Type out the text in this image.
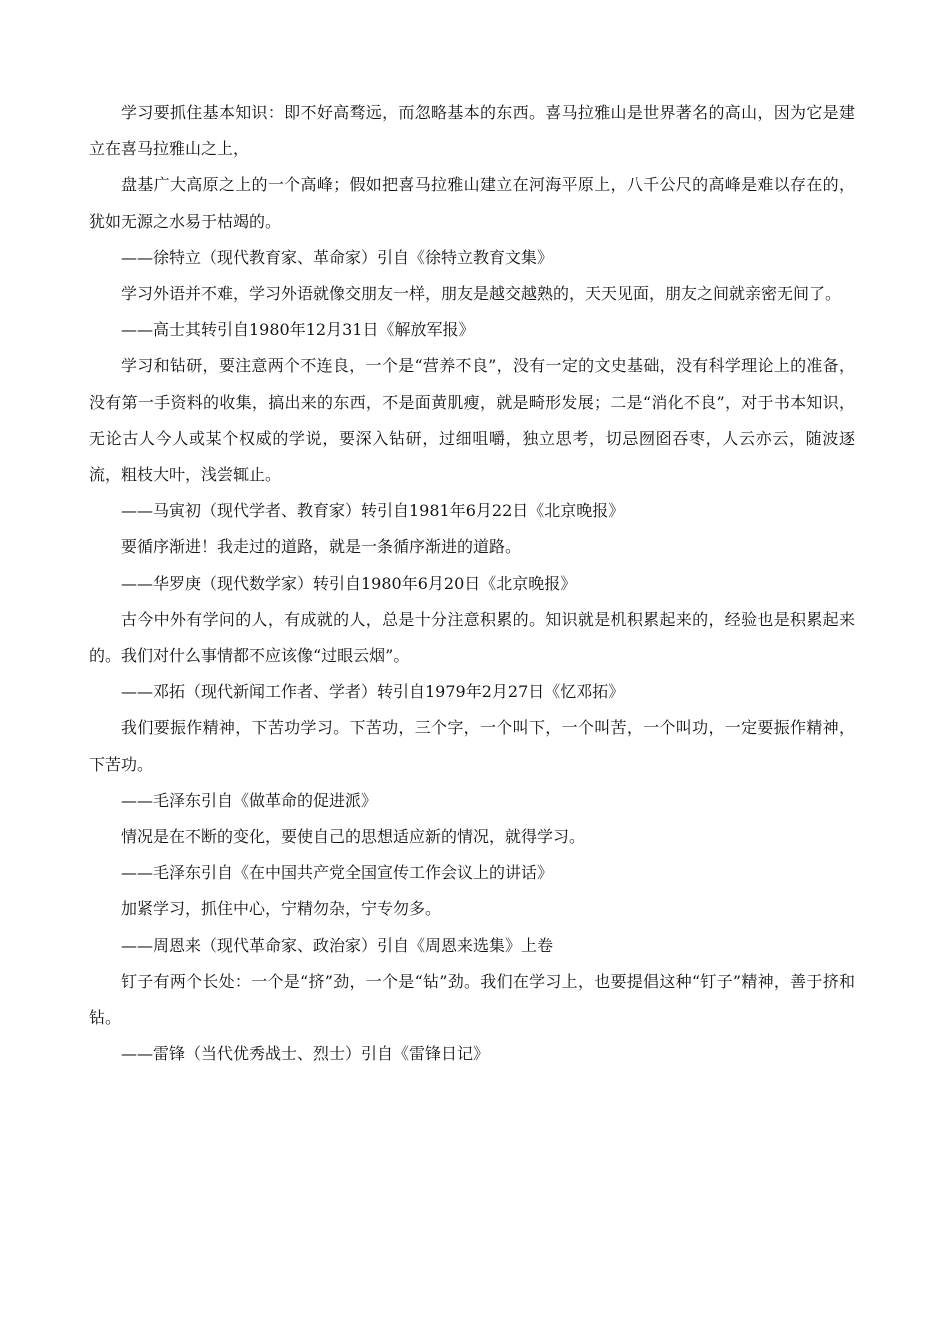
学习要抓住基本知识：即不好高骛远，而忽略基本的东西。喜马拉雅山是世界著名的高山，因为它是建立在喜马拉雅山之上，

盘基广大高原之上的一个高峰；假如把喜马拉雅山建立在河海平原上，八千公尺的高峰是难以存在的，犹如无源之水易于枯竭的。

——徐特立（现代教育家、革命家）引自《徐特立教育文集》

学习外语并不难，学习外语就像交朋友一样，朋友是越交越熟的，天天见面，朋友之间就亲密无间了。

——高士其转引自1980年12月31日《解放军报》

学习和钻研，要注意两个不连良，一个是“营养不良”，没有一定的文史基础，没有科学理论上的准备，没有第一手资料的收集，搞出来的东西，不是面黄肌瘦，就是畸形发展；二是“消化不良”，对于书本知识，无论古人今人或某个权威的学说，要深入钻研，过细咀嚼，独立思考，切忌囫囵吞枣，人云亦云，随波逐流，粗枝大叶，浅尝辄止。

——马寅初（现代学者、教育家）转引自1981年6月22日《北京晚报》

要循序渐进！我走过的道路，就是一条循序渐进的道路。

——华罗庚（现代数学家）转引自1980年6月20日《北京晚报》

古今中外有学问的人，有成就的人，总是十分注意积累的。知识就是机积累起来的，经验也是积累起来的。我们对什么事情都不应该像“过眼云烟”。

——邓拓（现代新闻工作者、学者）转引自1979年2月27日《忆邓拓》

我们要振作精神，下苦功学习。下苦功，三个字，一个叫下，一个叫苦，一个叫功，一定要振作精神，下苦功。

——毛泽东引自《做革命的促进派》

情况是在不断的变化，要使自己的思想适应新的情况，就得学习。

——毛泽东引自《在中国共产党全国宣传工作会议上的讲话》

加紧学习，抓住中心，宁精勿杂，宁专勿多。

——周恩来（现代革命家、政治家）引自《周恩来选集》上卷

钉子有两个长处：一个是“挤”劲，一个是“钻”劲。我们在学习上，也要提倡这种“钉子”精神，善于挤和钻。

——雷锋（当代优秀战士、烈士）引自《雷锋日记》
